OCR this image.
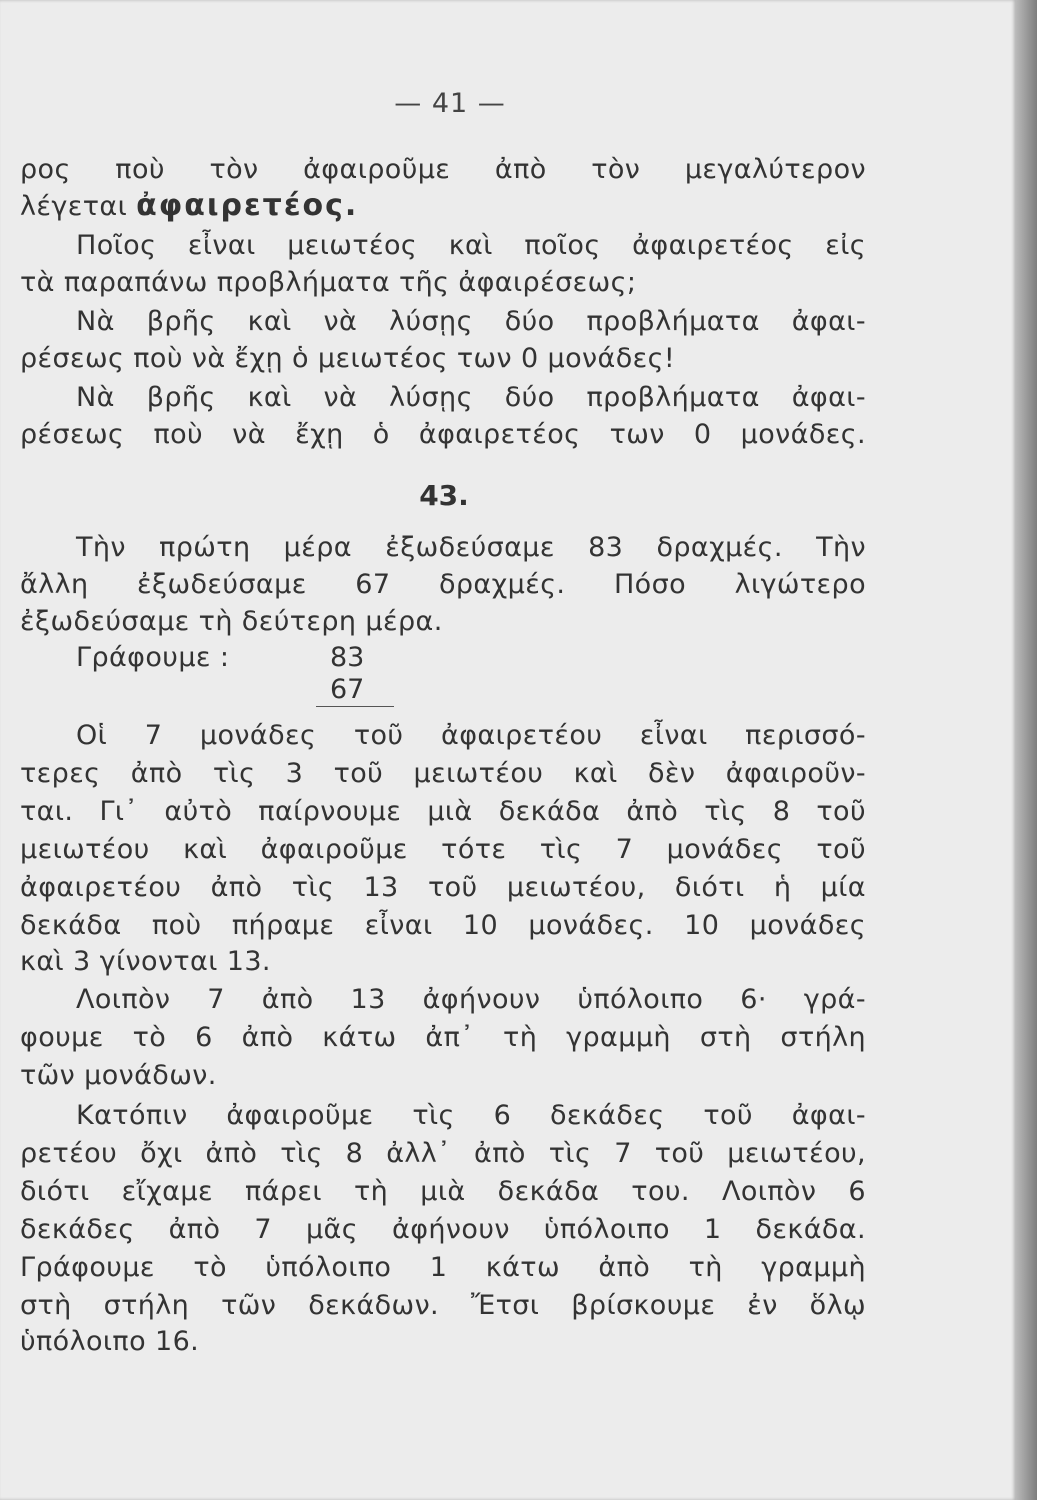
— 41 —
ρος ποὺ τὸν ἀφαιροῦμε ἀπὸ τὸν μεγαλύτερον
λέγεται ἀφαιρετέος.
Ποῖος εἶναι μειωτέος καὶ ποῖος ἀφαιρετέος εἰς
τὰ παραπάνω προβλήματα τῆς ἀφαιρέσεως;
Νὰ βρῆς καὶ νὰ λύσῃς δύο προβλήματα ἀφαι-
ρέσεως ποὺ νὰ ἔχῃ ὁ μειωτέος των 0 μονάδες!
Νὰ βρῆς καὶ νὰ λύσῃς δύο προβλήματα ἀφαι-
ρέσεως ποὺ νὰ ἔχῃ ὁ ἀφαιρετέος των 0 μονάδες.
43.
Τὴν πρώτη μέρα ἐξωδεύσαμε 83 δραχμές. Τὴν
ἄλλη ἐξωδεύσαμε 67 δραχμές. Πόσο λιγώτερο
ἐξωδεύσαμε τὴ δεύτερη μέρα.
Γράφουμε :	83
67
Οἱ 7 μονάδες τοῦ ἀφαιρετέου εἶναι περισσό-
τερες ἀπὸ τὶς 3 τοῦ μειωτέου καὶ δὲν ἀφαιροῦν-
ται. Γι᾽ αὐτὸ παίρνουμε μιὰ δεκάδα ἀπὸ τὶς 8 τοῦ
μειωτέου καὶ ἀφαιροῦμε τότε τὶς 7 μονάδες τοῦ
ἀφαιρετέου ἀπὸ τὶς 13 τοῦ μειωτέου, διότι ἡ μία
δεκάδα ποὺ πήραμε εἶναι 10 μονάδες. 10 μονάδες
καὶ 3 γίνονται 13.
Λοιπὸν 7 ἀπὸ 13 ἀφήνουν ὑπόλοιπο 6· γρά-
φουμε τὸ 6 ἀπὸ κάτω ἀπ᾽ τὴ γραμμὴ στὴ στήλη
τῶν μονάδων.
Κατόπιν ἀφαιροῦμε τὶς 6 δεκάδες τοῦ ἀφαι-
ρετέου ὄχι ἀπὸ τὶς 8 ἀλλ᾽ ἀπὸ τὶς 7 τοῦ μειωτέου,
διότι εἴχαμε πάρει τὴ μιὰ δεκάδα του. Λοιπὸν 6
δεκάδες ἀπὸ 7 μᾶς ἀφήνουν ὑπόλοιπο 1 δεκάδα.
Γράφουμε τὸ ὑπόλοιπο 1 κάτω ἀπὸ τὴ γραμμὴ
στὴ στήλη τῶν δεκάδων. Ἔτσι βρίσκουμε ἐν ὅλῳ
ὑπόλοιπο 16.
